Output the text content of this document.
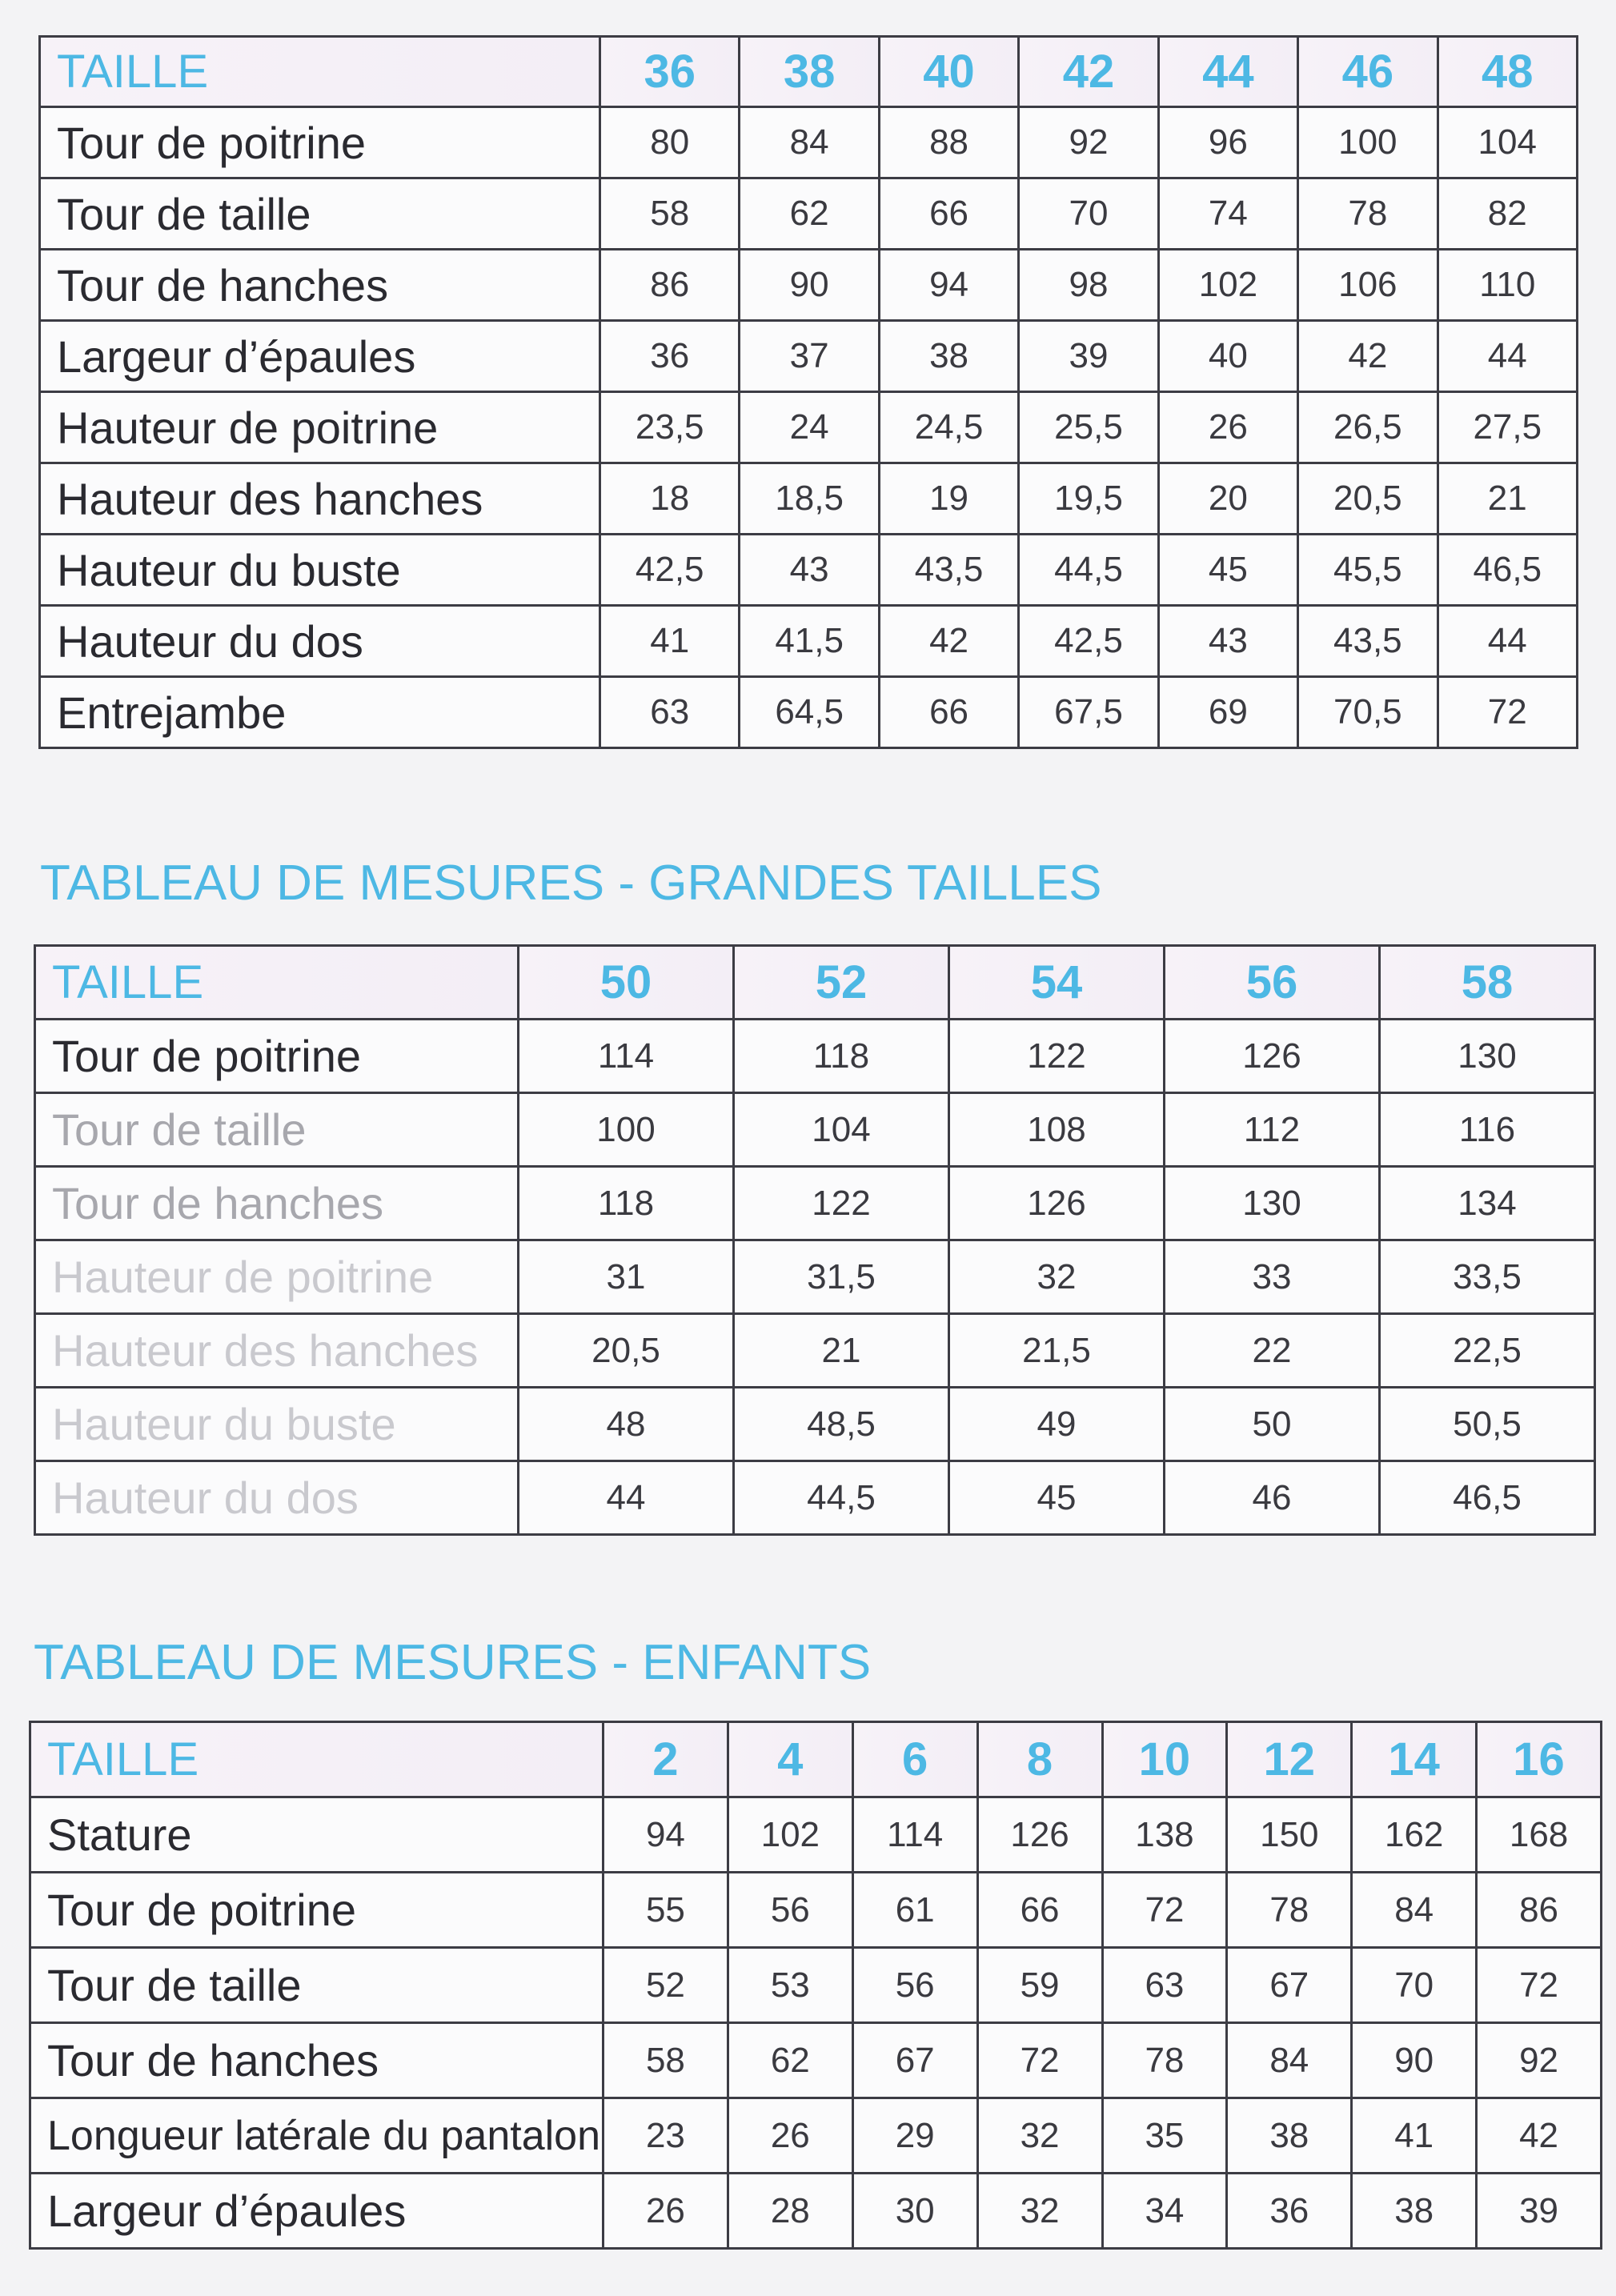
TAILLE	36	38	40	42	44	46	48
Tour de poitrine	80	84	88	92	96	100	104
Tour de taille	58	62	66	70	74	78	82
Tour de hanches	86	90	94	98	102	106	110
Largeur d’épaules	36	37	38	39	40	42	44
Hauteur de poitrine	23,5	24	24,5	25,5	26	26,5	27,5
Hauteur des hanches	18	18,5	19	19,5	20	20,5	21
Hauteur du buste	42,5	43	43,5	44,5	45	45,5	46,5
Hauteur du dos	41	41,5	42	42,5	43	43,5	44
Entrejambe	63	64,5	66	67,5	69	70,5	72
TABLEAU DE MESURES - GRANDES TAILLES
TAILLE	50	52	54	56	58
Tour de poitrine	114	118	122	126	130
Tour de taille	100	104	108	112	116
Tour de hanches	118	122	126	130	134
Hauteur de poitrine	31	31,5	32	33	33,5
Hauteur des hanches	20,5	21	21,5	22	22,5
Hauteur du buste	48	48,5	49	50	50,5
Hauteur du dos	44	44,5	45	46	46,5
TABLEAU DE MESURES - ENFANTS
TAILLE	2	4	6	8	10	12	14	16
Stature	94	102	114	126	138	150	162	168
Tour de poitrine	55	56	61	66	72	78	84	86
Tour de taille	52	53	56	59	63	67	70	72
Tour de hanches	58	62	67	72	78	84	90	92
Longueur latérale du pantalon	23	26	29	32	35	38	41	42
Largeur d’épaules	26	28	30	32	34	36	38	39
